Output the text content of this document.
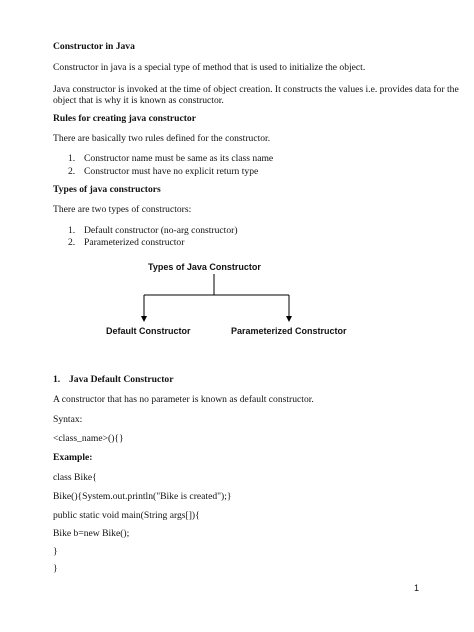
Constructor in Java
Constructor in java is a special type of method that is used to initialize the object.
Java constructor is invoked at the time of object creation. It constructs the values i.e. provides data for the
object that is why it is known as constructor.
Rules for creating java constructor
There are basically two rules defined for the constructor.
1. Constructor name must be same as its class name
2. Constructor must have no explicit return type
Types of java constructors
There are two types of constructors:
1. Default constructor (no-arg constructor)
2. Parameterized constructor
Types of Java Constructor
Default Constructor	Parameterized Constructor
1. Java Default Constructor
A constructor that has no parameter is known as default constructor.
Syntax:
<class_name>(){}
Example:
class Bike{
Bike(){System.out.println("Bike is created");}
public static void main(String args[]){
Bike b=new Bike();
}
}
1
